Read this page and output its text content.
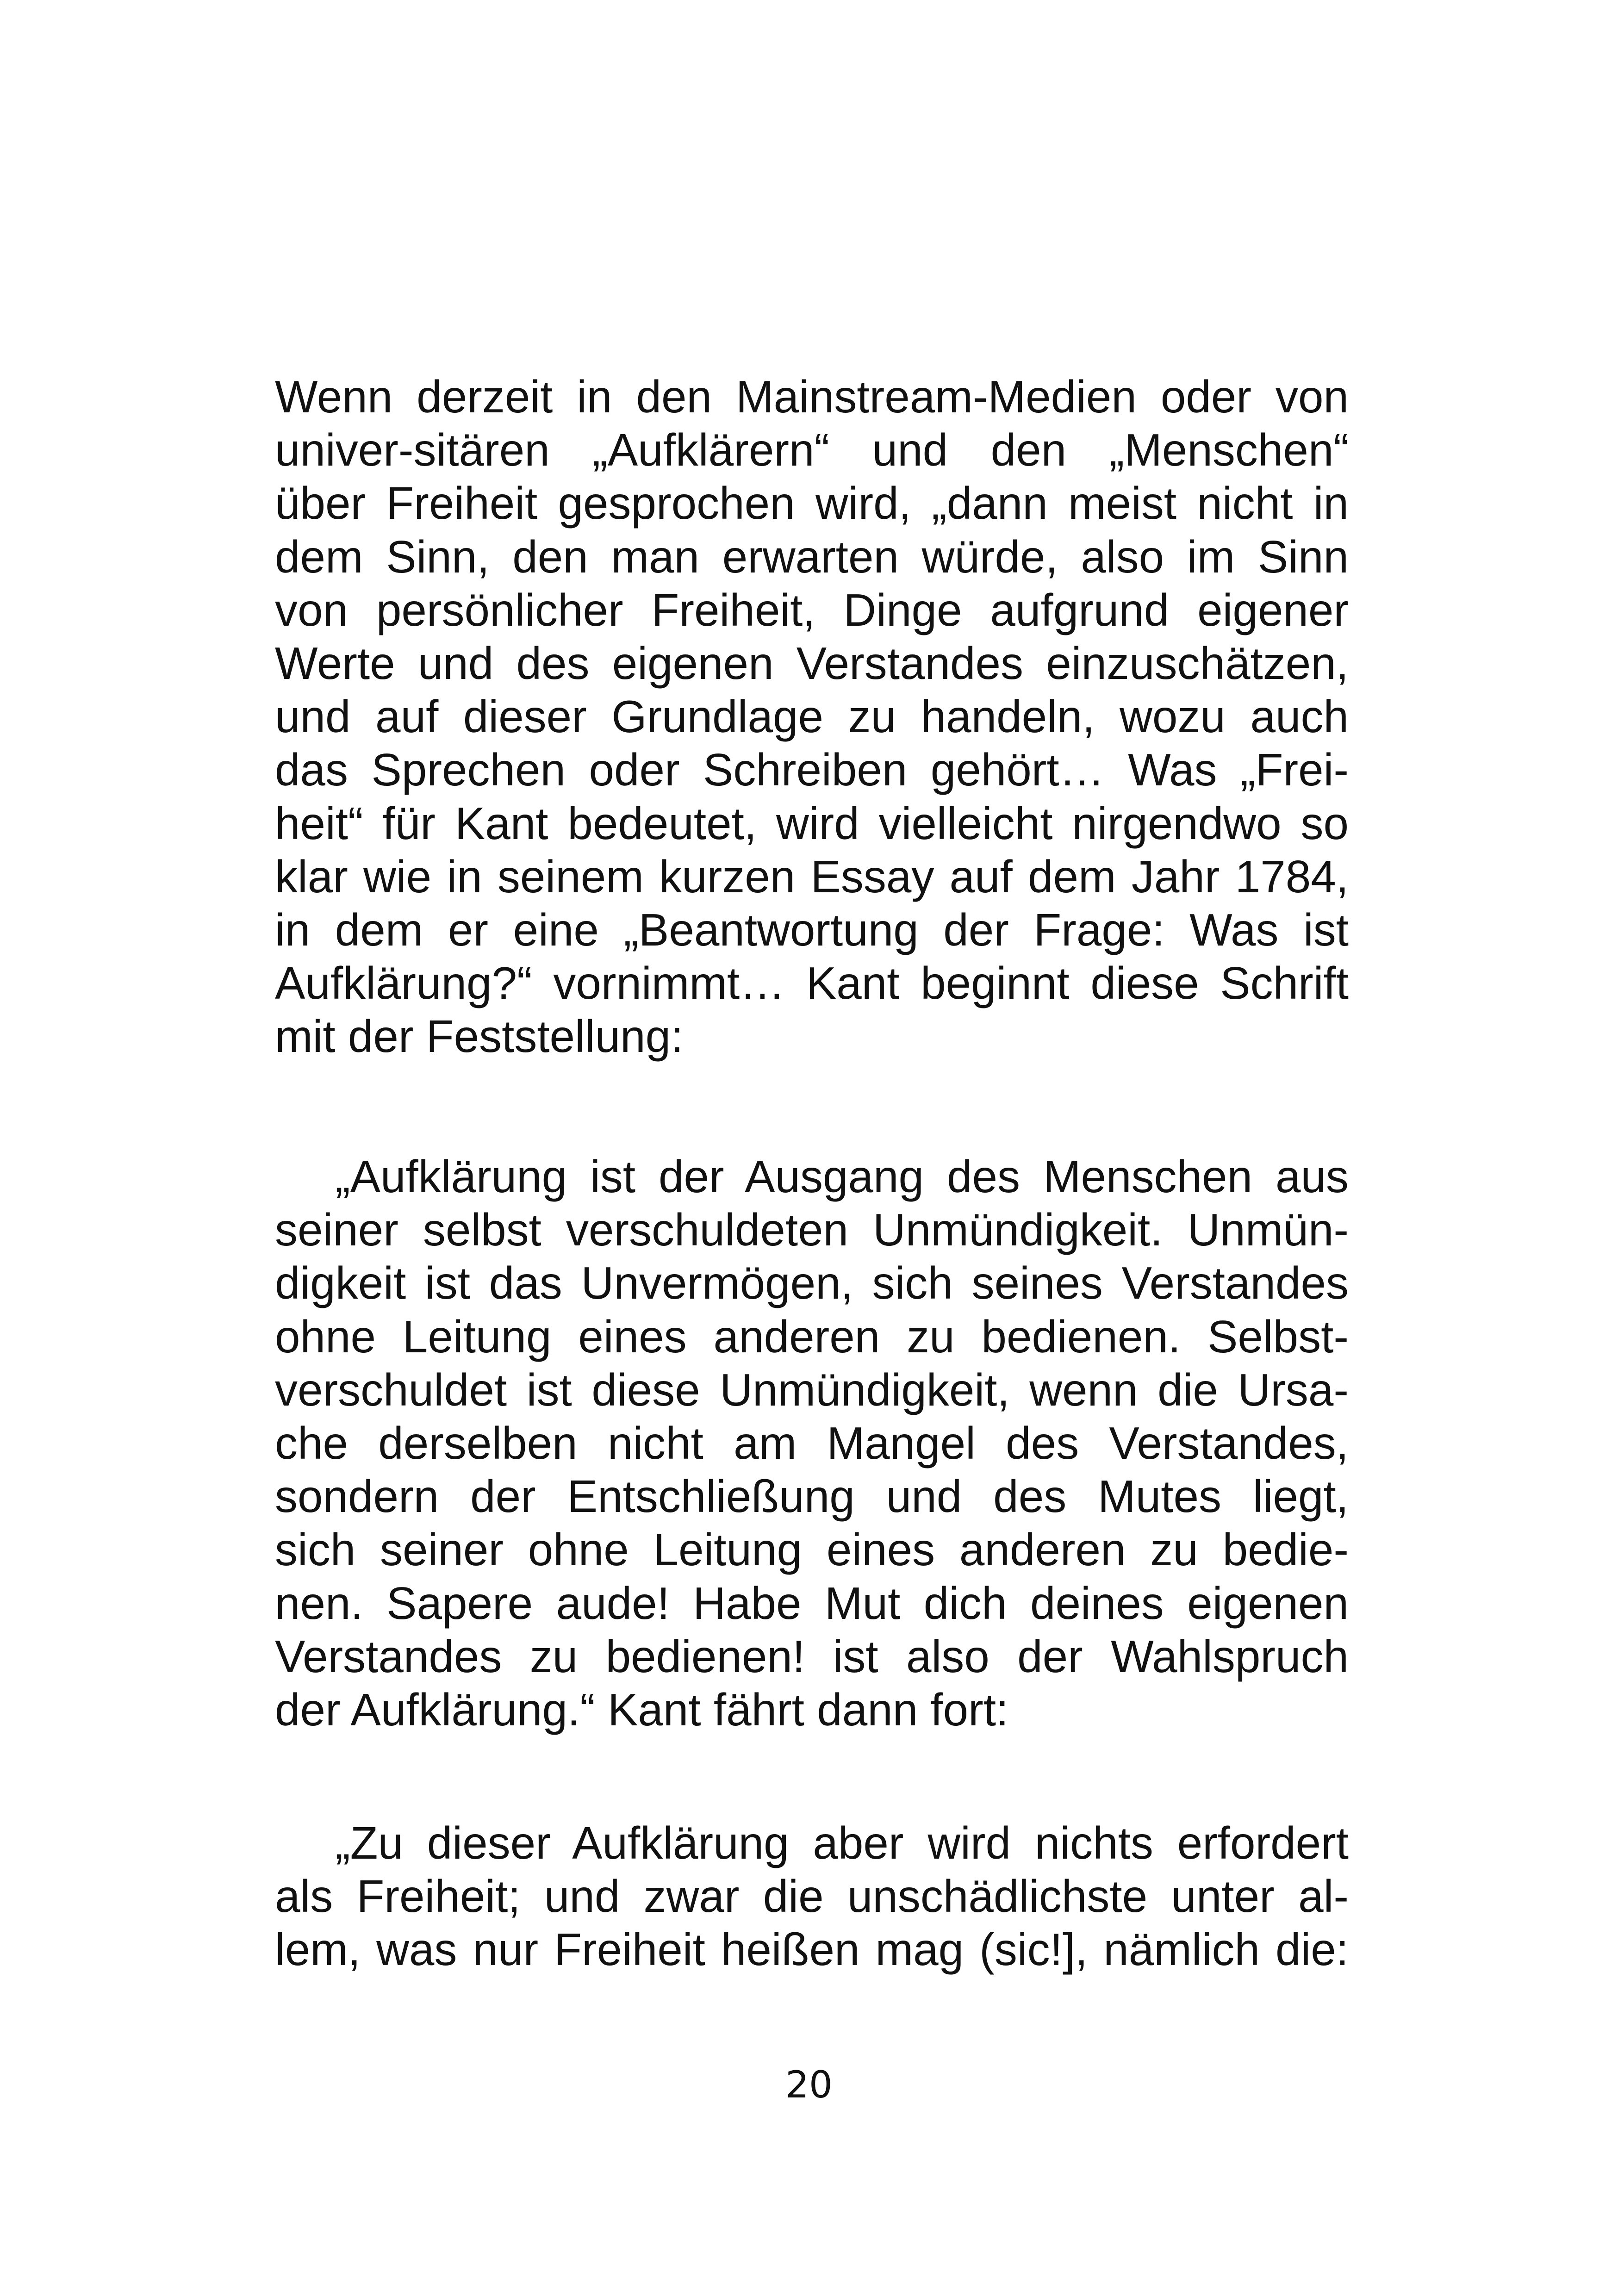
Wenn derzeit in den Mainstream-Medien oder von
univer-sitären „Aufklärern“ und den „Menschen“
über Freiheit gesprochen wird, „dann meist nicht in
dem Sinn, den man erwarten würde, also im Sinn
von persönlicher Freiheit, Dinge aufgrund eigener
Werte und des eigenen Verstandes einzuschätzen,
und auf dieser Grundlage zu handeln, wozu auch
das Sprechen oder Schreiben gehört… Was „Frei-
heit“ für Kant bedeutet, wird vielleicht nirgendwo so
klar wie in seinem kurzen Essay auf dem Jahr 1784,
in dem er eine „Beantwortung der Frage: Was ist
Aufklärung?“ vornimmt… Kant beginnt diese Schrift
mit der Feststellung:
„Aufklärung ist der Ausgang des Menschen aus
seiner selbst verschuldeten Unmündigkeit. Unmün-
digkeit ist das Unvermögen, sich seines Verstandes
ohne Leitung eines anderen zu bedienen. Selbst-
verschuldet ist diese Unmündigkeit, wenn die Ursa-
che derselben nicht am Mangel des Verstandes,
sondern der Entschließung und des Mutes liegt,
sich seiner ohne Leitung eines anderen zu bedie-
nen. Sapere aude! Habe Mut dich deines eigenen
Verstandes zu bedienen! ist also der Wahlspruch
der Aufklärung.“ Kant fährt dann fort:
„Zu dieser Aufklärung aber wird nichts erfordert
als Freiheit; und zwar die unschädlichste unter al-
lem, was nur Freiheit heißen mag (sic!], nämlich die:
20
